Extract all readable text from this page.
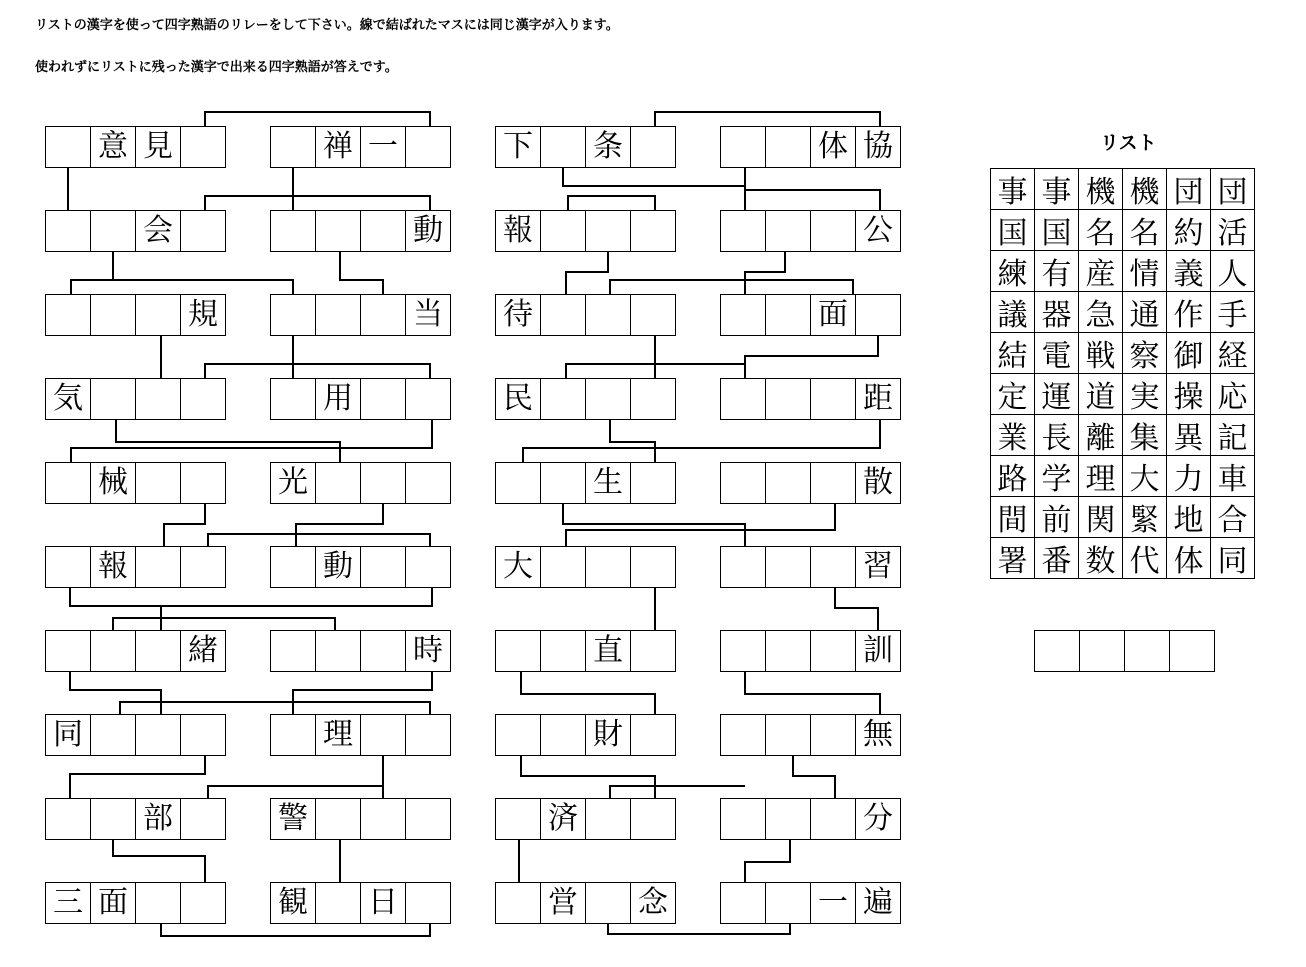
リストの漢字を使って四字熟語のリレーをして下さい。線で結ばれたマスには同じ漢字が入ります。

使われずにリストに残った漢字で出来る四字熟語が答えです。

意 見
会
規
気
械
報
緒
同
部
三 面
禅 一
動
当
用
光
動
時
理
警
観 日
下 条
報
待
民
生
大
直
財
済
営 念
体 協
公
面
距
散
習
訓
無
分
一 遍

リスト

事 事 機 機 団 団
国 国 名 名 約 活
練 有 産 情 義 人
議 器 急 通 作 手
結 電 戦 察 御 経
定 運 道 実 操 応
業 長 離 集 異 記
路 学 理 大 力 車
間 前 関 緊 地 合
署 番 数 代 体 同
